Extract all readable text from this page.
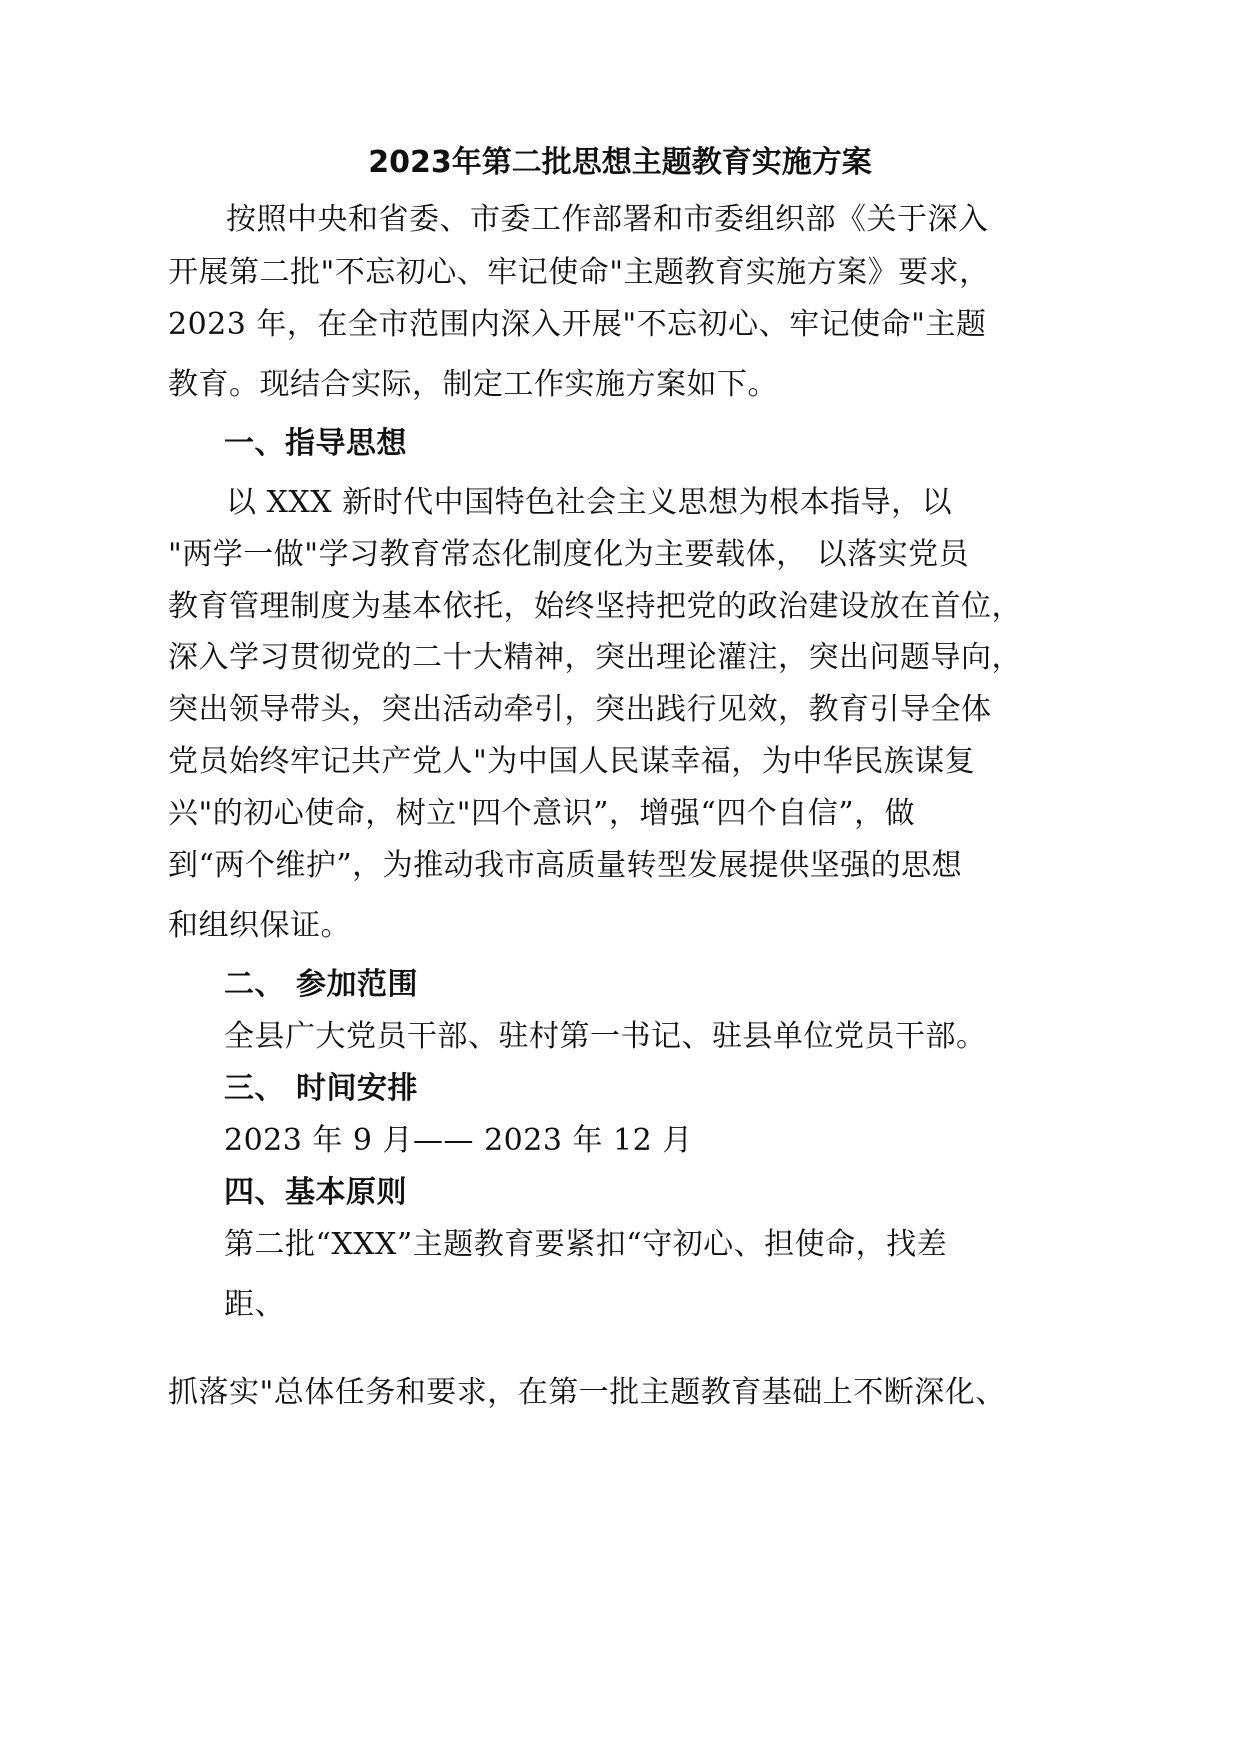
2023年第二批思想主题教育实施方案
按照中央和省委、市委工作部署和市委组织部《关于深入
开展第二批"不忘初心、牢记使命"主题教育实施方案》要求，
2023 年，在全市范围内深入开展"不忘初心、牢记使命"主题
教育。现结合实际，制定工作实施方案如下。
一、指导思想
以 XXX 新时代中国特色社会主义思想为根本指导，以
"两学一做"学习教育常态化制度化为主要载体， 以落实党员
教育管理制度为基本依托，始终坚持把党的政治建设放在首位，
深入学习贯彻党的二十大精神，突出理论灌注，突出问题导向，
突出领导带头，突出活动牵引，突出践行见效，教育引导全体
党员始终牢记共产党人"为中国人民谋幸福，为中华民族谋复
兴"的初心使命，树立"四个意识”，增强“四个自信”，做
到“两个维护”，为推动我市高质量转型发展提供坚强的思想
和组织保证。
二、 参加范围
全县广大党员干部、驻村第一书记、驻县单位党员干部。
三、 时间安排
2023 年 9 月—— 2023 年 12 月
四、基本原则
第二批“XXX”主题教育要紧扣“守初心、担使命，找差
距、
抓落实"总体任务和要求，在第一批主题教育基础上不断深化、
